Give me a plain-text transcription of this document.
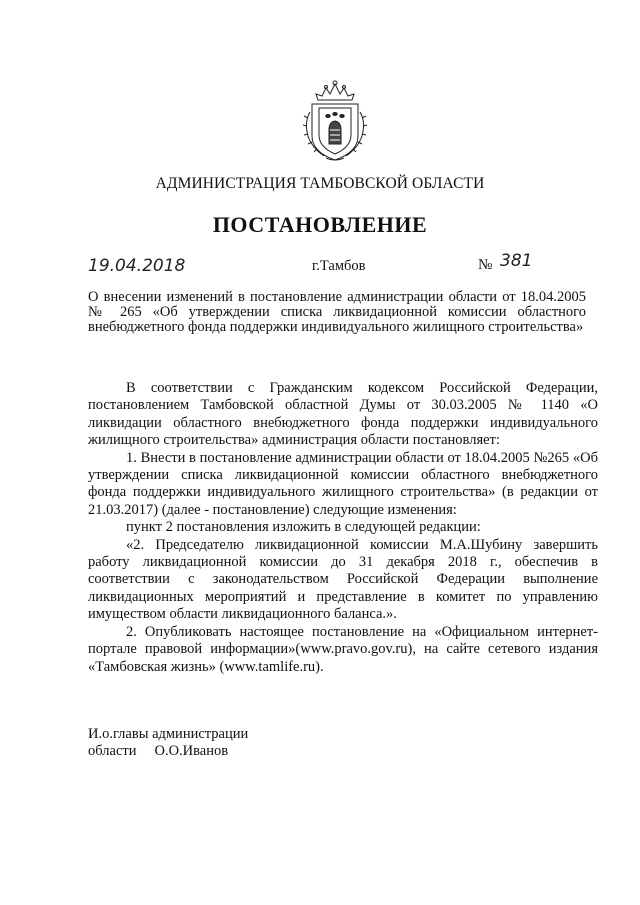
АДМИНИСТРАЦИЯ ТАМБОВСКОЙ ОБЛАСТИ
ПОСТАНОВЛЕНИЕ
19.04.2018	г.Тамбов	№ 381
О внесении изменений в постановление администрации области от 18.04.2005 № 265 «Об утверждении списка ликвидационной комиссии областного внебюджетного фонда поддержки индивидуального жилищного строительства»

В соответствии с Гражданским кодексом Российской Федерации, постановлением Тамбовской областной Думы от 30.03.2005 № 1140 «О ликвидации областного внебюджетного фонда поддержки индивидуального жилищного строительства» администрация области постановляет:

1. Внести в постановление администрации области от 18.04.2005 №265 «Об утверждении списка ликвидационной комиссии областного внебюджетного фонда поддержки индивидуального жилищного строительства» (в редакции от 21.03.2017) (далее - постановление) следующие изменения:

пункт 2 постановления изложить в следующей редакции:

«2. Председателю ликвидационной комиссии М.А.Шубину завершить работу ликвидационной комиссии до 31 декабря 2018 г., обеспечив в соответствии с законодательством Российской Федерации выполнение ликвидационных мероприятий и представление в комитет по управлению имуществом области ликвидационного баланса.».

2. Опубликовать настоящее постановление на «Официальном интернет-портале правовой информации»(www.pravo.gov.ru), на сайте сетевого издания «Тамбовская жизнь» (www.tamlife.ru).

И.о.главы администрации
области О.О.Иванов
